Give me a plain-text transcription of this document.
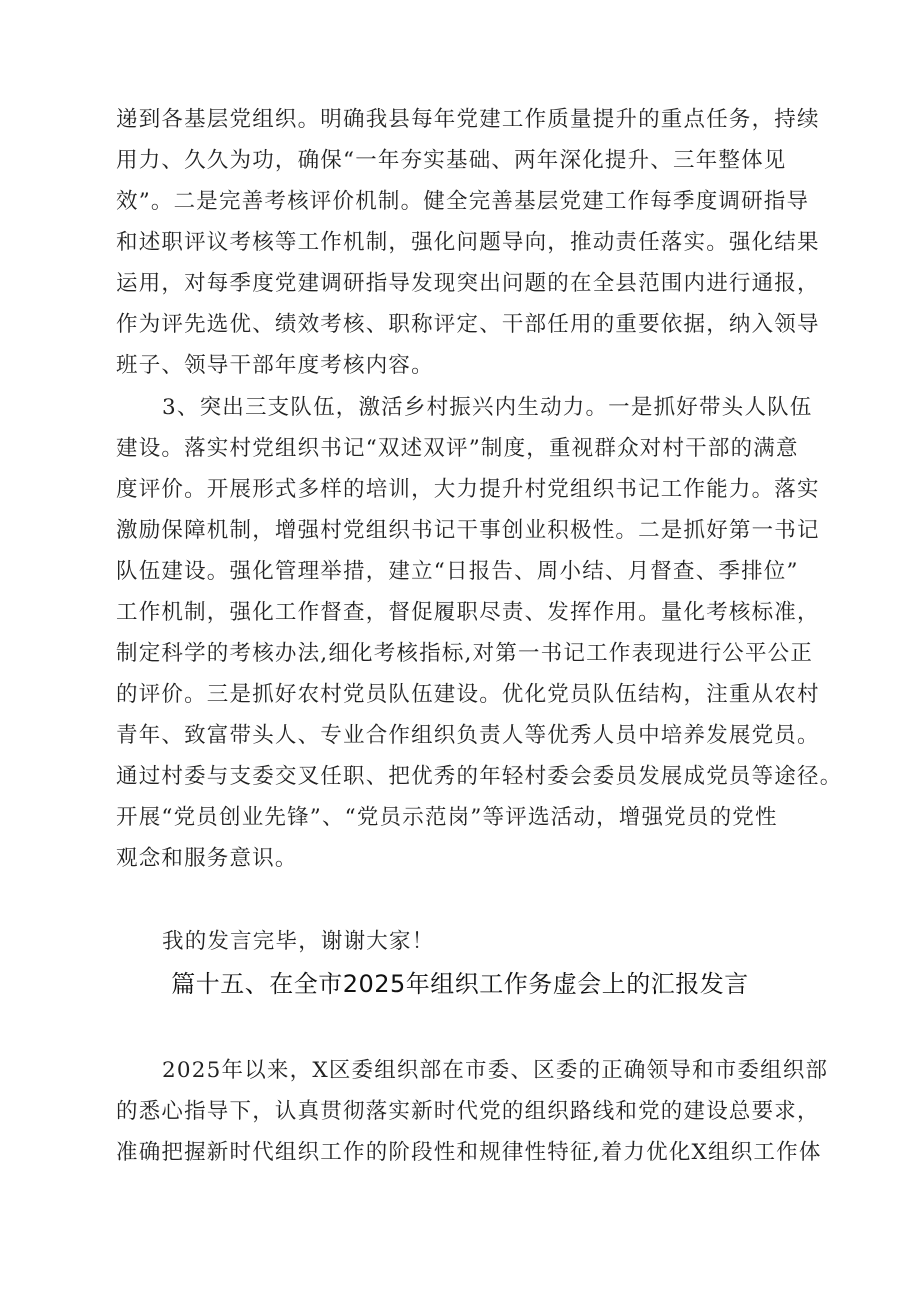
递到各基层党组织。明确我县每年党建工作质量提升的重点任务，持续
用力、久久为功，确保“一年夯实基础、两年深化提升、三年整体见
效”。二是完善考核评价机制。健全完善基层党建工作每季度调研指导
和述职评议考核等工作机制，强化问题导向，推动责任落实。强化结果
运用，对每季度党建调研指导发现突出问题的在全县范围内进行通报，
作为评先选优、绩效考核、职称评定、干部任用的重要依据，纳入领导
班子、领导干部年度考核内容。
3、突出三支队伍，激活乡村振兴内生动力。一是抓好带头人队伍
建设。落实村党组织书记“双述双评”制度，重视群众对村干部的满意
度评价。开展形式多样的培训，大力提升村党组织书记工作能力。落实
激励保障机制，增强村党组织书记干事创业积极性。二是抓好第一书记
队伍建设。强化管理举措，建立“日报告、周小结、月督查、季排位”
工作机制，强化工作督查，督促履职尽责、发挥作用。量化考核标准，
制定科学的考核办法,细化考核指标,对第一书记工作表现进行公平公正
的评价。三是抓好农村党员队伍建设。优化党员队伍结构，注重从农村
青年、致富带头人、专业合作组织负责人等优秀人员中培养发展党员。
通过村委与支委交叉任职、把优秀的年轻村委会委员发展成党员等途径。
开展“党员创业先锋”、“党员示范岗”等评选活动，增强党员的党性
观念和服务意识。
我的发言完毕，谢谢大家！
篇十五、在全市2025年组织工作务虚会上的汇报发言
2025年以来，X区委组织部在市委、区委的正确领导和市委组织部
的悉心指导下，认真贯彻落实新时代党的组织路线和党的建设总要求，
准确把握新时代组织工作的阶段性和规律性特征,着力优化X组织工作体
